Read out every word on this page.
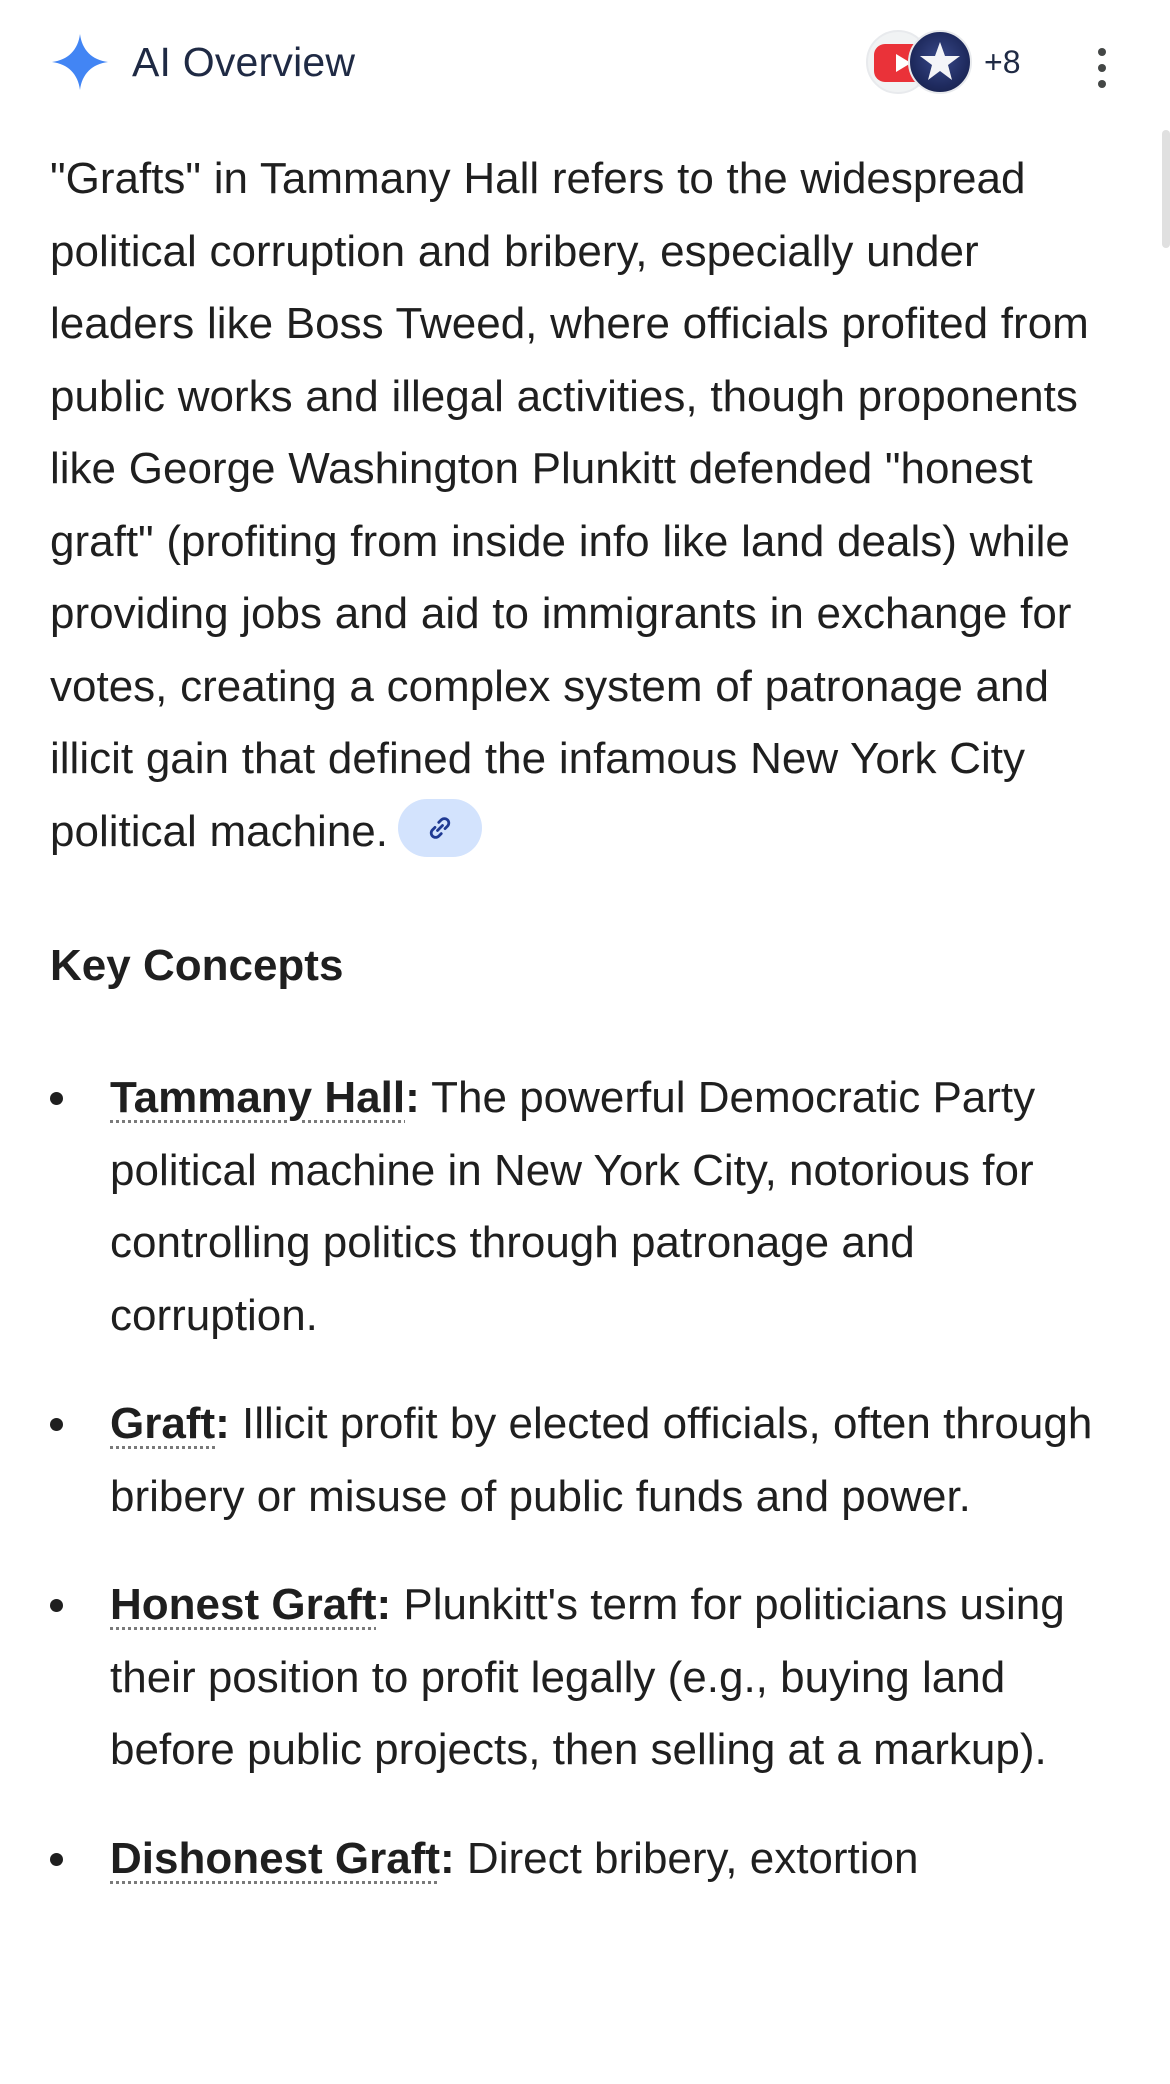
AI Overview	+8

"Grafts" in Tammany Hall refers to the widespread political corruption and bribery, especially under leaders like Boss Tweed, where officials profited from public works and illegal activities, though proponents like George Washington Plunkitt defended "honest graft" (profiting from inside info like land deals) while providing jobs and aid to immigrants in exchange for votes, creating a complex system of patronage and illicit gain that defined the infamous New York City political machine.

Key Concepts
Tammany Hall: The powerful Democratic Party political machine in New York City, notorious for controlling politics through patronage and corruption.
Graft: Illicit profit by elected officials, often through bribery or misuse of public funds and power.
Honest Graft: Plunkitt's term for politicians using their position to profit legally (e.g., buying land before public projects, then selling at a markup).
Dishonest Graft: Direct bribery, extortion
